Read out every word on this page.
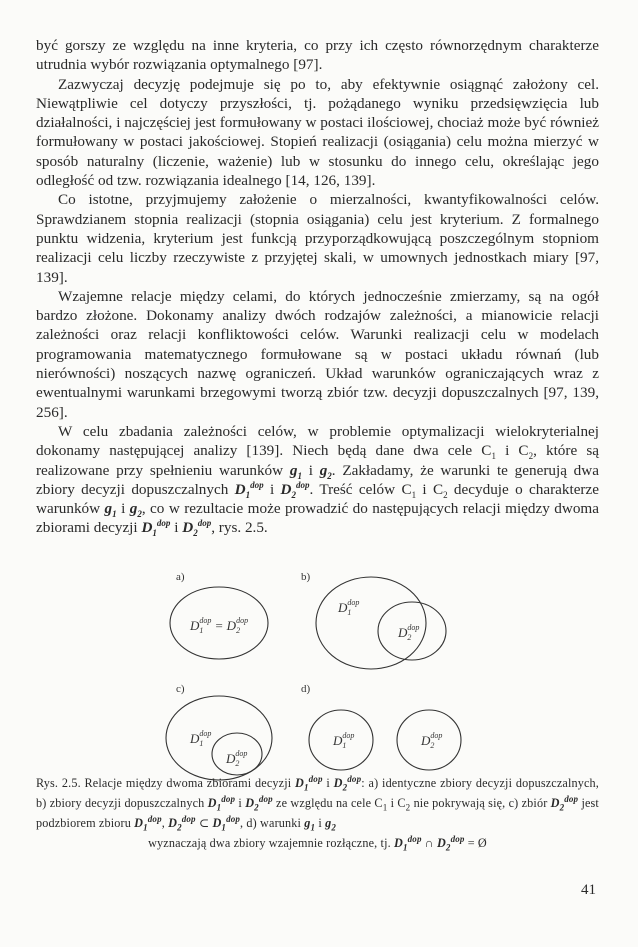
być gorszy ze względu na inne kryteria, co przy ich często równorzędnym charakterze utrudnia wybór rozwiązania optymalnego [97].

Zazwyczaj decyzję podejmuje się po to, aby efektywnie osiągnąć założony cel. Niewątpliwie cel dotyczy przyszłości, tj. pożądanego wyniku przedsięwzięcia lub działalności, i najczęściej jest formułowany w postaci ilościowej, chociaż może być również formułowany w postaci jakościowej. Stopień realizacji (osiągania) celu można mierzyć w sposób naturalny (liczenie, ważenie) lub w stosunku do innego celu, określając jego odległość od tzw. rozwiązania idealnego [14, 126, 139].

Co istotne, przyjmujemy założenie o mierzalności, kwantyfikowalności celów. Sprawdzianem stopnia realizacji (stopnia osiągania) celu jest kryterium. Z formalnego punktu widzenia, kryterium jest funkcją przyporządkowującą poszczególnym stopniom realizacji celu liczby rzeczywiste z przyjętej skali, w umownych jednostkach miary [97, 139].

Wzajemne relacje między celami, do których jednocześnie zmierzamy, są na ogół bardzo złożone. Dokonamy analizy dwóch rodzajów zależności, a mianowicie relacji zależności oraz relacji konfliktowości celów. Warunki realizacji celu w modelach programowania matematycznego formułowane są w postaci układu równań (lub nierówności) noszących nazwę ograniczeń. Układ warunków ograniczających wraz z ewentualnymi warunkami brzegowymi tworzą zbiór tzw. decyzji dopuszczalnych [97, 139, 256].

W celu zbadania zależności celów, w problemie optymalizacji wielokryterialnej dokonamy następującej analizy [139]. Niech będą dane dwa cele $C_1$ i $C_2$, które są realizowane przy spełnieniu warunków $g_1$ i $g_2$. Zakładamy, że warunki te generują dwa zbiory decyzji dopuszczalnych $D_1^{dop}$ i $D_2^{dop}$. Treść celów $C_1$ i $C_2$ decyduje o charakterze warunków $g_1$ i $g_2$, co w rezultacie może prowadzić do następujących relacji między dwoma zbiorami decyzji $D_1^{dop}$ i $D_2^{dop}$, rys. 2.5.

a)	b)
c)	d)
D1dop $_=$ D2dop
D1dop
D2dop
D1dop
D2dop
D1dop	D2dop
Rys. 2.5. Relacje między dwoma zbiorami decyzji $D_1^{dop}$ i $D_2^{dop}$: a) identyczne zbiory decyzji dopuszczalnych, b) zbiory decyzji dopuszczalnych $D_1^{dop}$ i $D_2^{dop}$ ze względu na cele $C_1$ i $C_2$ nie pokrywają się, c) zbiór $D_2^{dop}$ jest podzbiorem zbioru $D_1^{dop}$, $D_2^{dop}$ ⊂ $D_1^{dop}$, d) warunki $g_1$ i $g_2$
wyznaczają dwa zbiory wzajemnie rozłączne, tj. $D_1^{dop}$ ∩ $D_2^{dop}$ = Ø
41
